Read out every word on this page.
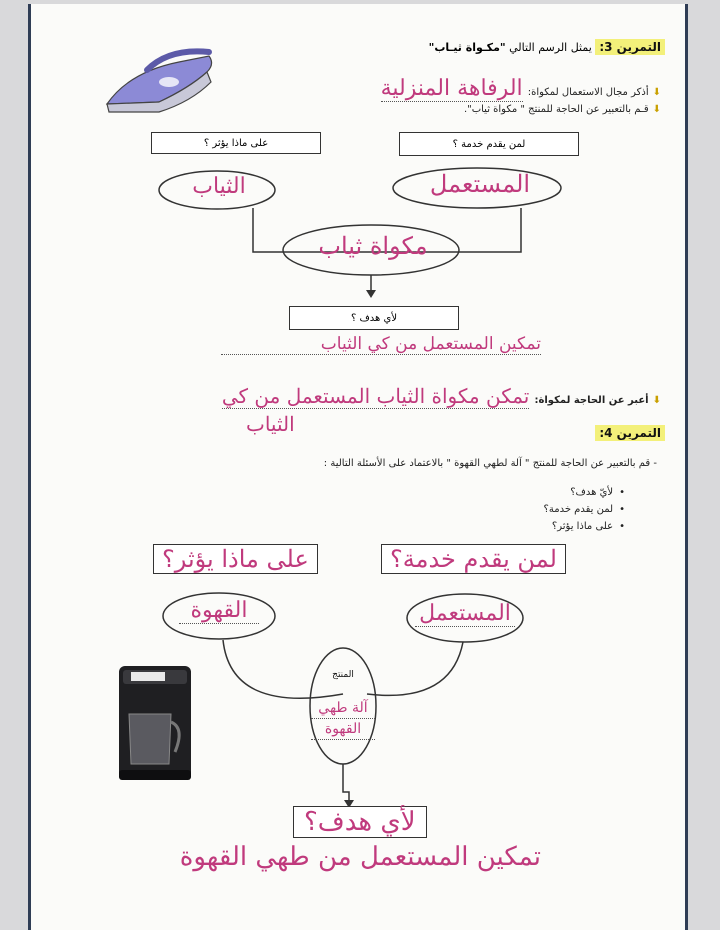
التمرين 3: يمثل الرسم التالي "مكـواة ثيـاب"
⬇ أذكر مجال الاستعمال لمكواة: الرفاهة المنزلية
⬇ قـم بالتعبير عن الحاجة للمنتج " مكواة ثياب".
على ماذا يؤثر ؟	لمن يقدم خدمة ؟
الثياب	المستعمل
مكواة ثياب
لأي هدف ؟
تمكين المستعمل من كي الثياب
⬇ أعبر عن الحاجة لمكواة: تمكن مكواة الثياب المستعمل من كي
الثياب	التمرين 4:
- قم بالتعبير عن الحاجة للمنتج " آلة لطهي القهوة " بالاعتماد على الأسئلة التالية :
• لأيّ هدف؟
• لمن يقدم خدمة؟
• على ماذا يؤثر؟
على ماذا يؤثر؟	لمن يقدم خدمة؟
القهوة	المستعمل
المنتج
آلة طهي
القهوة
لأي هدف؟
تمكين المستعمل من طهي القهوة
